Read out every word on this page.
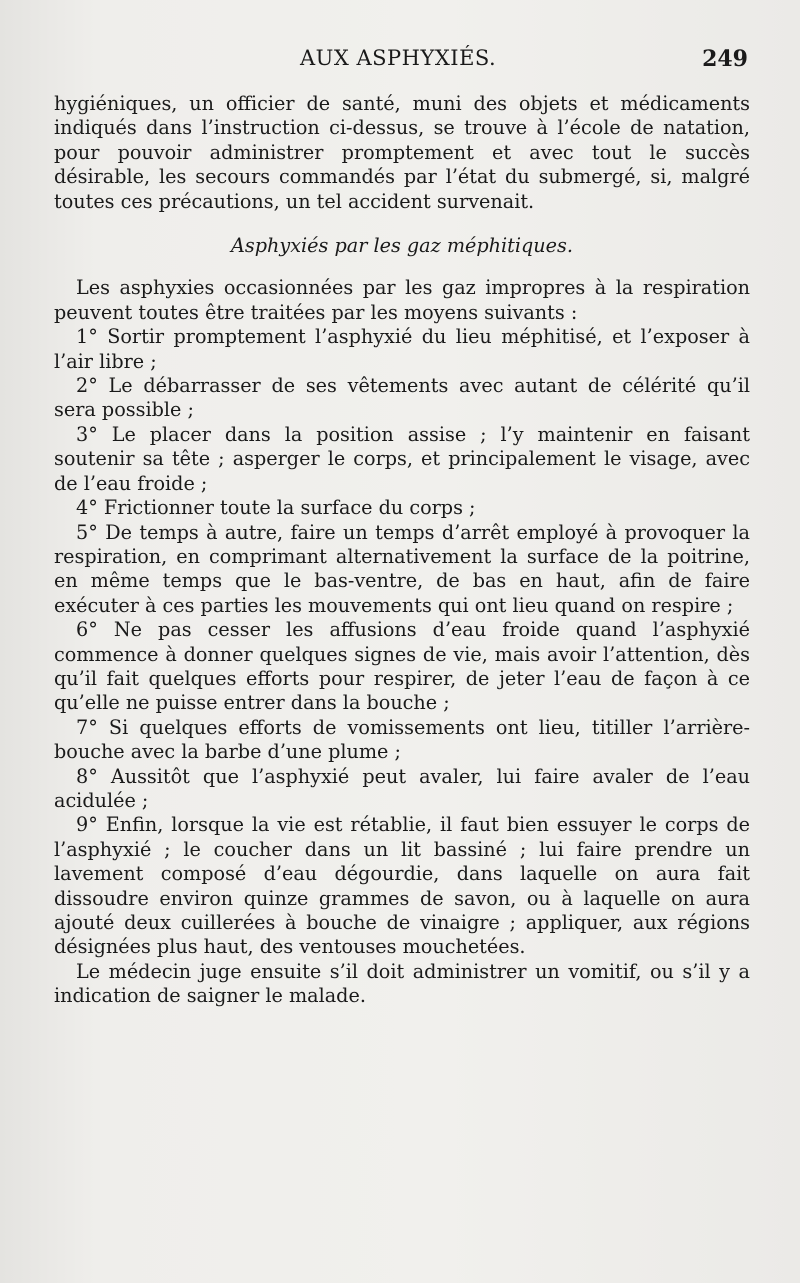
AUX ASPHYXIÉS.	249

hygiéniques, un officier de santé, muni des objets et médicaments indiqués dans l’instruction ci-dessus, se trouve à l’école de natation, pour pouvoir administrer promptement et avec tout le succès désirable, les secours commandés par l’état du submergé, si, malgré toutes ces précautions, un tel accident survenait.

Asphyxiés par les gaz méphitiques.

Les asphyxies occasionnées par les gaz impropres à la respiration peuvent toutes être traitées par les moyens suivants :

1° Sortir promptement l’asphyxié du lieu méphitisé, et l’exposer à l’air libre ;

2° Le débarrasser de ses vêtements avec autant de célérité qu’il sera possible ;

3° Le placer dans la position assise ; l’y maintenir en faisant soutenir sa tête ; asperger le corps, et principalement le visage, avec de l’eau froide ;

4° Frictionner toute la surface du corps ;

5° De temps à autre, faire un temps d’arrêt employé à provoquer la respiration, en comprimant alternativement la surface de la poitrine, en même temps que le bas-ventre, de bas en haut, afin de faire exécuter à ces parties les mouvements qui ont lieu quand on respire ;

6° Ne pas cesser les affusions d’eau froide quand l’asphyxié commence à donner quelques signes de vie, mais avoir l’attention, dès qu’il fait quelques efforts pour respirer, de jeter l’eau de façon à ce qu’elle ne puisse entrer dans la bouche ;

7° Si quelques efforts de vomissements ont lieu, titiller l’arrière-bouche avec la barbe d’une plume ;

8° Aussitôt que l’asphyxié peut avaler, lui faire avaler de l’eau acidulée ;

9° Enfin, lorsque la vie est rétablie, il faut bien essuyer le corps de l’asphyxié ; le coucher dans un lit bassiné ; lui faire prendre un lavement composé d’eau dégourdie, dans laquelle on aura fait dissoudre environ quinze grammes de savon, ou à laquelle on aura ajouté deux cuillerées à bouche de vinaigre ; appliquer, aux régions désignées plus haut, des ventouses mouchetées.

Le médecin juge ensuite s’il doit administrer un vomitif, ou s’il y a indication de saigner le malade.
